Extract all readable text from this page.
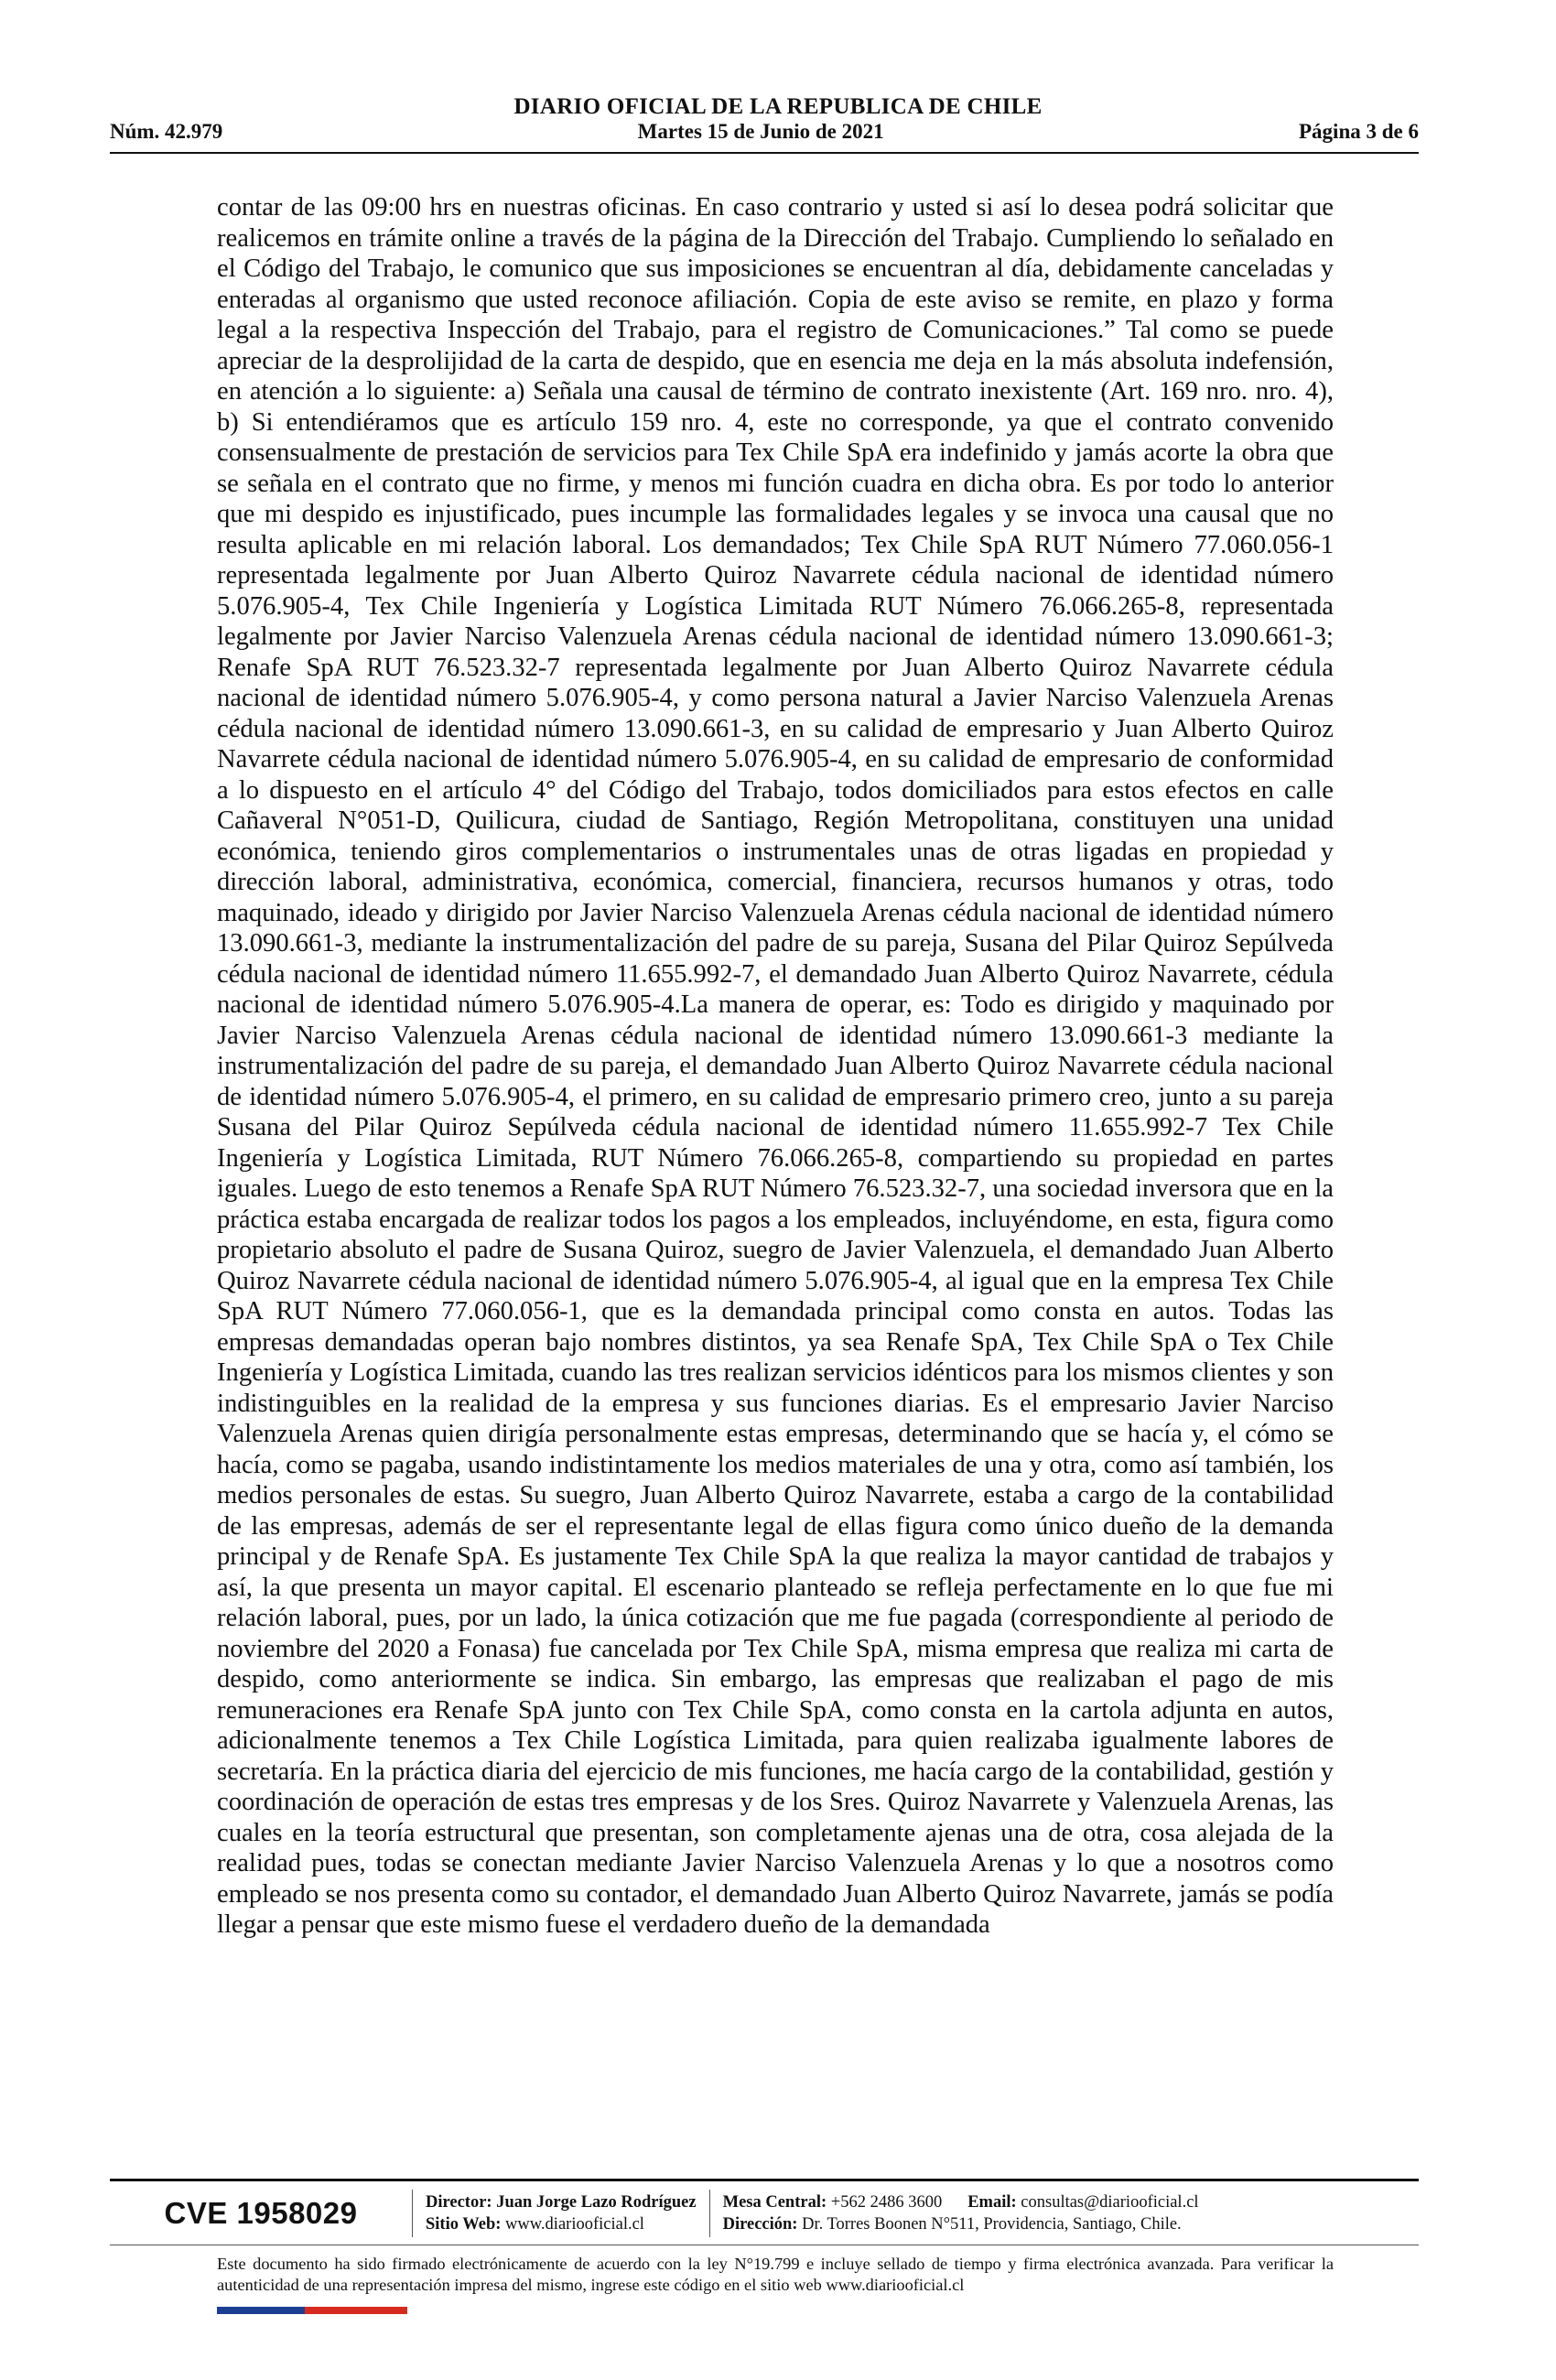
DIARIO OFICIAL DE LA REPUBLICA DE CHILE
Núm. 42.979	Martes 15 de Junio de 2021	Página 3 de 6

contar de las 09:00 hrs en nuestras oficinas. En caso contrario y usted si así lo desea podrá solicitar que realicemos en trámite online a través de la página de la Dirección del Trabajo. Cumpliendo lo señalado en el Código del Trabajo, le comunico que sus imposiciones se encuentran al día, debidamente canceladas y enteradas al organismo que usted reconoce afiliación. Copia de este aviso se remite, en plazo y forma legal a la respectiva Inspección del Trabajo, para el registro de Comunicaciones.” Tal como se puede apreciar de la desprolijidad de la carta de despido, que en esencia me deja en la más absoluta indefensión, en atención a lo siguiente: a) Señala una causal de término de contrato inexistente (Art. 169 nro. nro. 4), b) Si entendiéramos que es artículo 159 nro. 4, este no corresponde, ya que el contrato convenido consensualmente de prestación de servicios para Tex Chile SpA era indefinido y jamás acorte la obra que se señala en el contrato que no firme, y menos mi función cuadra en dicha obra. Es por todo lo anterior que mi despido es injustificado, pues incumple las formalidades legales y se invoca una causal que no resulta aplicable en mi relación laboral. Los demandados; Tex Chile SpA RUT Número 77.060.056-1 representada legalmente por Juan Alberto Quiroz Navarrete cédula nacional de identidad número 5.076.905-4, Tex Chile Ingeniería y Logística Limitada RUT Número 76.066.265-8, representada legalmente por Javier Narciso Valenzuela Arenas cédula nacional de identidad número 13.090.661-3; Renafe SpA RUT 76.523.32-7 representada legalmente por Juan Alberto Quiroz Navarrete cédula nacional de identidad número 5.076.905-4, y como persona natural a Javier Narciso Valenzuela Arenas cédula nacional de identidad número 13.090.661-3, en su calidad de empresario y Juan Alberto Quiroz Navarrete cédula nacional de identidad número 5.076.905-4, en su calidad de empresario de conformidad a lo dispuesto en el artículo 4° del Código del Trabajo, todos domiciliados para estos efectos en calle Cañaveral N°051-D, Quilicura, ciudad de Santiago, Región Metropolitana, constituyen una unidad económica, teniendo giros complementarios o instrumentales unas de otras ligadas en propiedad y dirección laboral, administrativa, económica, comercial, financiera, recursos humanos y otras, todo maquinado, ideado y dirigido por Javier Narciso Valenzuela Arenas cédula nacional de identidad número 13.090.661-3, mediante la instrumentalización del padre de su pareja, Susana del Pilar Quiroz Sepúlveda cédula nacional de identidad número 11.655.992-7, el demandado Juan Alberto Quiroz Navarrete, cédula nacional de identidad número 5.076.905-4.La manera de operar, es: Todo es dirigido y maquinado por Javier Narciso Valenzuela Arenas cédula nacional de identidad número 13.090.661-3 mediante la instrumentalización del padre de su pareja, el demandado Juan Alberto Quiroz Navarrete cédula nacional de identidad número 5.076.905-4, el primero, en su calidad de empresario primero creo, junto a su pareja Susana del Pilar Quiroz Sepúlveda cédula nacional de identidad número 11.655.992-7 Tex Chile Ingeniería y Logística Limitada, RUT Número 76.066.265-8, compartiendo su propiedad en partes iguales. Luego de esto tenemos a Renafe SpA RUT Número 76.523.32-7, una sociedad inversora que en la práctica estaba encargada de realizar todos los pagos a los empleados, incluyéndome, en esta, figura como propietario absoluto el padre de Susana Quiroz, suegro de Javier Valenzuela, el demandado Juan Alberto Quiroz Navarrete cédula nacional de identidad número 5.076.905-4, al igual que en la empresa Tex Chile SpA RUT Número 77.060.056-1, que es la demandada principal como consta en autos. Todas las empresas demandadas operan bajo nombres distintos, ya sea Renafe SpA, Tex Chile SpA o Tex Chile Ingeniería y Logística Limitada, cuando las tres realizan servicios idénticos para los mismos clientes y son indistinguibles en la realidad de la empresa y sus funciones diarias. Es el empresario Javier Narciso Valenzuela Arenas quien dirigía personalmente estas empresas, determinando que se hacía y, el cómo se hacía, como se pagaba, usando indistintamente los medios materiales de una y otra, como así también, los medios personales de estas. Su suegro, Juan Alberto Quiroz Navarrete, estaba a cargo de la contabilidad de las empresas, además de ser el representante legal de ellas figura como único dueño de la demanda principal y de Renafe SpA. Es justamente Tex Chile SpA la que realiza la mayor cantidad de trabajos y así, la que presenta un mayor capital. El escenario planteado se refleja perfectamente en lo que fue mi relación laboral, pues, por un lado, la única cotización que me fue pagada (correspondiente al periodo de noviembre del 2020 a Fonasa) fue cancelada por Tex Chile SpA, misma empresa que realiza mi carta de despido, como anteriormente se indica. Sin embargo, las empresas que realizaban el pago de mis remuneraciones era Renafe SpA junto con Tex Chile SpA, como consta en la cartola adjunta en autos, adicionalmente tenemos a Tex Chile Logística Limitada, para quien realizaba igualmente labores de secretaría. En la práctica diaria del ejercicio de mis funciones, me hacía cargo de la contabilidad, gestión y coordinación de operación de estas tres empresas y de los Sres. Quiroz Navarrete y Valenzuela Arenas, las cuales en la teoría estructural que presentan, son completamente ajenas una de otra, cosa alejada de la realidad pues, todas se conectan mediante Javier Narciso Valenzuela Arenas y lo que a nosotros como empleado se nos presenta como su contador, el demandado Juan Alberto Quiroz Navarrete, jamás se podía llegar a pensar que este mismo fuese el verdadero dueño de la demandada

CVE 1958029	Director: Juan Jorge Lazo Rodríguez
Sitio Web: www.diariooficial.cl
Mesa Central: +562 2486 3600 Email: consultas@diariooficial.cl
Dirección: Dr. Torres Boonen N°511, Providencia, Santiago, Chile.

Este documento ha sido firmado electrónicamente de acuerdo con la ley N°19.799 e incluye sellado de tiempo y firma electrónica avanzada. Para verificar la autenticidad de una representación impresa del mismo, ingrese este código en el sitio web www.diariooficial.cl
